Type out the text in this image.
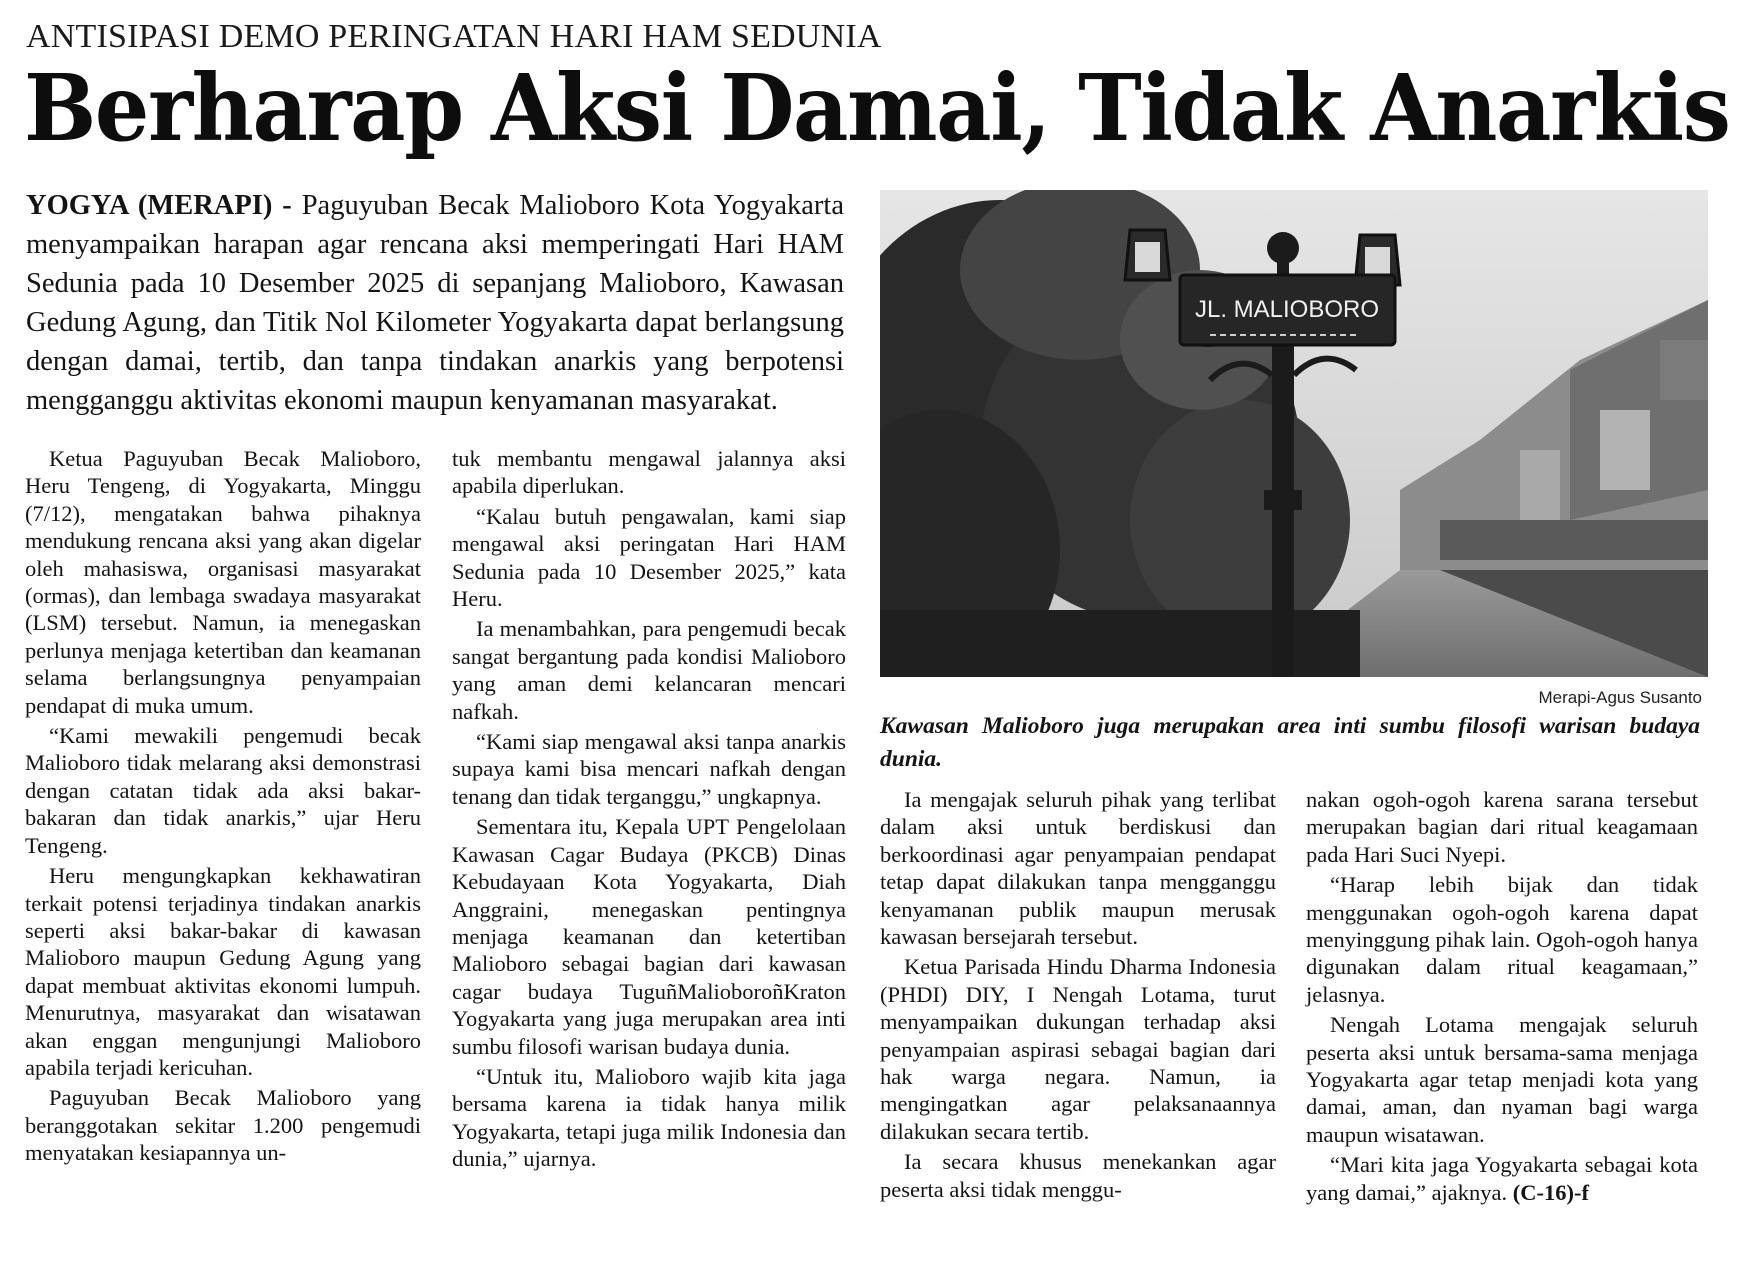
ANTISIPASI DEMO PERINGATAN HARI HAM SEDUNIA
Berharap Aksi Damai, Tidak Anarkis
YOGYA (MERAPI) - Paguyuban Becak Malioboro Kota Yogyakarta menyampaikan harapan agar rencana aksi memperingati Hari HAM Sedunia pada 10 Desember 2025 di sepanjang Malioboro, Kawasan Gedung Agung, dan Titik Nol Kilometer Yogyakarta dapat berlangsung dengan damai, tertib, dan tanpa tindakan anarkis yang berpotensi mengganggu aktivitas ekonomi maupun kenyamanan masyarakat.

Ketua Paguyuban Becak Malioboro, Heru Tengeng, di Yogyakarta, Minggu (7/12), mengatakan bahwa pihaknya mendukung rencana aksi yang akan digelar oleh mahasiswa, organisasi masyarakat (ormas), dan lembaga swadaya masyarakat (LSM) tersebut. Namun, ia menegaskan perlunya menjaga ketertiban dan keamanan selama berlangsungnya penyampaian pendapat di muka umum.

“Kami mewakili pengemudi becak Malioboro tidak melarang aksi demonstrasi dengan catatan tidak ada aksi bakar-bakaran dan tidak anarkis,” ujar Heru Tengeng.

Heru mengungkapkan kekhawatiran terkait potensi terjadinya tindakan anarkis seperti aksi bakar-bakar di kawasan Malioboro maupun Gedung Agung yang dapat membuat aktivitas ekonomi lumpuh. Menurutnya, masyarakat dan wisatawan akan enggan mengunjungi Malioboro apabila terjadi kericuhan.

Paguyuban Becak Malioboro yang beranggotakan sekitar 1.200 pengemudi menyatakan kesiapannya un-

tuk membantu mengawal jalannya aksi apabila diperlukan.

“Kalau butuh pengawalan, kami siap mengawal aksi peringatan Hari HAM Sedunia pada 10 Desember 2025,” kata Heru.

Ia menambahkan, para pengemudi becak sangat bergantung pada kondisi Malioboro yang aman demi kelancaran mencari nafkah.

“Kami siap mengawal aksi tanpa anarkis supaya kami bisa mencari nafkah dengan tenang dan tidak terganggu,” ungkapnya.

Sementara itu, Kepala UPT Pengelolaan Kawasan Cagar Budaya (PKCB) Dinas Kebudayaan Kota Yogyakarta, Diah Anggraini, menegaskan pentingnya menjaga keamanan dan ketertiban Malioboro sebagai bagian dari kawasan cagar budaya TuguñMalioboroñKraton Yogyakarta yang juga merupakan area inti sumbu filosofi warisan budaya dunia.

“Untuk itu, Malioboro wajib kita jaga bersama karena ia tidak hanya milik Yogyakarta, tetapi juga milik Indonesia dan dunia,” ujarnya.

JL. MALIOBORO
Merapi-Agus Susanto
Kawasan Malioboro juga merupakan area inti sumbu filosofi warisan budaya dunia.

Ia mengajak seluruh pihak yang terlibat dalam aksi untuk berdiskusi dan berkoordinasi agar penyampaian pendapat tetap dapat dilakukan tanpa mengganggu kenyamanan publik maupun merusak kawasan bersejarah tersebut.

Ketua Parisada Hindu Dharma Indonesia (PHDI) DIY, I Nengah Lotama, turut menyampaikan dukungan terhadap aksi penyampaian aspirasi sebagai bagian dari hak warga negara. Namun, ia mengingatkan agar pelaksanaannya dilakukan secara tertib.

Ia secara khusus menekankan agar peserta aksi tidak menggu-

nakan ogoh-ogoh karena sarana tersebut merupakan bagian dari ritual keagamaan pada Hari Suci Nyepi.

“Harap lebih bijak dan tidak menggunakan ogoh-ogoh karena dapat menyinggung pihak lain. Ogoh-ogoh hanya digunakan dalam ritual keagamaan,” jelasnya.

Nengah Lotama mengajak seluruh peserta aksi untuk bersama-sama menjaga Yogyakarta agar tetap menjadi kota yang damai, aman, dan nyaman bagi warga maupun wisatawan.

“Mari kita jaga Yogyakarta sebagai kota yang damai,” ajaknya. (C-16)-f
